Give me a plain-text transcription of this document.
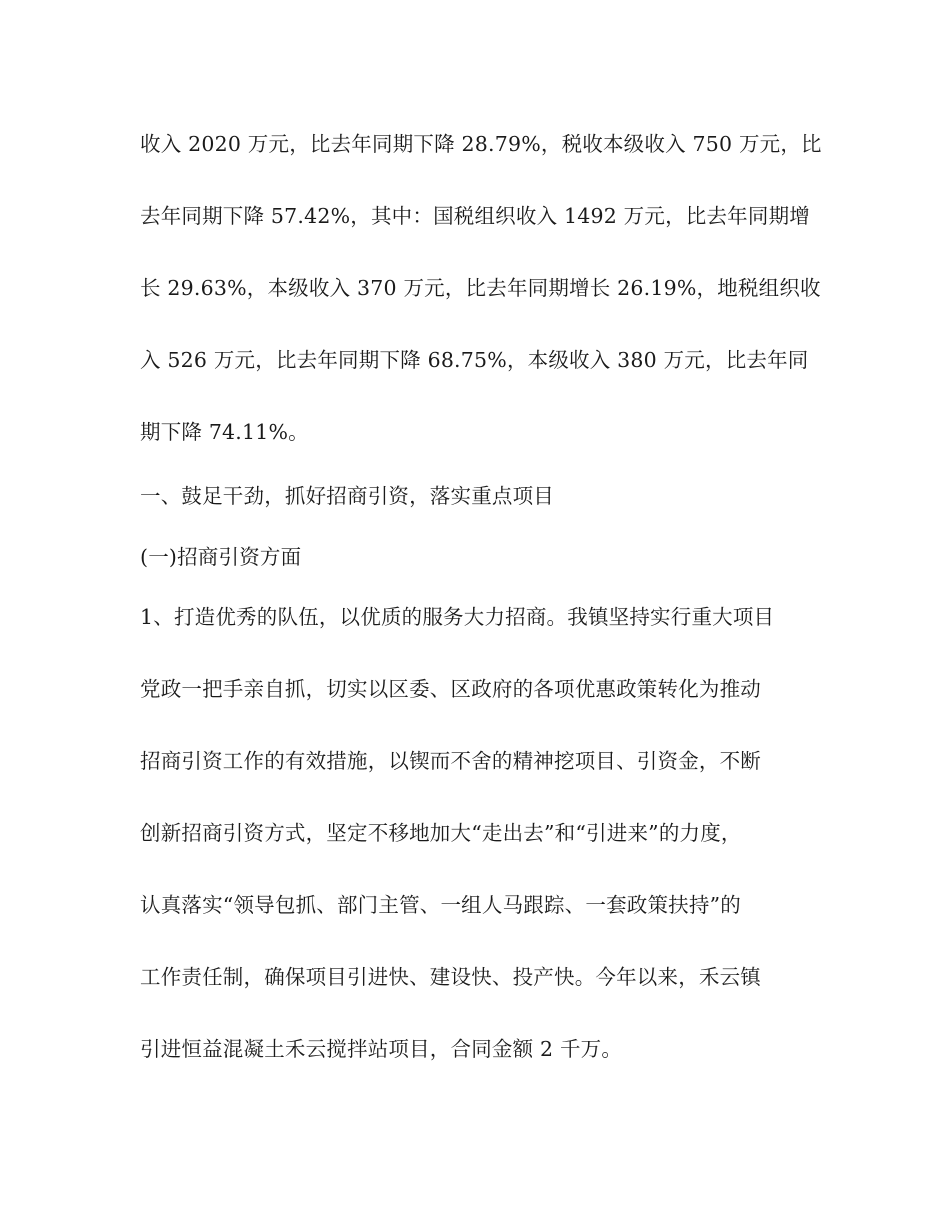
收入 2020 万元，比去年同期下降 28.79%，税收本级收入 750 万元，比
去年同期下降 57.42%，其中：国税组织收入 1492 万元，比去年同期增
长 29.63%，本级收入 370 万元，比去年同期增长 26.19%，地税组织收
入 526 万元，比去年同期下降 68.75%，本级收入 380 万元，比去年同
期下降 74.11%。
一、鼓足干劲，抓好招商引资，落实重点项目
(一)招商引资方面
1、打造优秀的队伍，以优质的服务大力招商。我镇坚持实行重大项目
党政一把手亲自抓，切实以区委、区政府的各项优惠政策转化为推动
招商引资工作的有效措施，以锲而不舍的精神挖项目、引资金，不断
创新招商引资方式，坚定不移地加大“走出去”和“引进来”的力度，
认真落实“领导包抓、部门主管、一组人马跟踪、一套政策扶持”的
工作责任制，确保项目引进快、建设快、投产快。今年以来，禾云镇
引进恒益混凝土禾云搅拌站项目，合同金额 2 千万。
